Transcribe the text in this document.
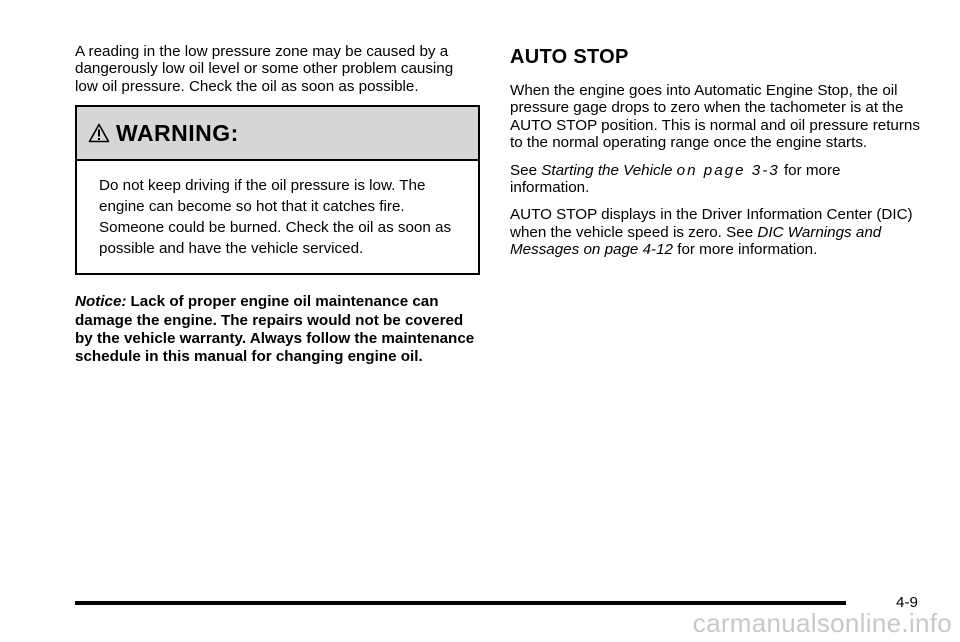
A reading in the low pressure zone may be caused by a dangerously low oil level or some other problem causing low oil pressure. Check the oil as soon as possible.

WARNING:
Do not keep driving if the oil pressure is low. The engine can become so hot that it catches fire. Someone could be burned. Check the oil as soon as possible and have the vehicle serviced.

Notice: Lack of proper engine oil maintenance can damage the engine. The repairs would not be covered by the vehicle warranty. Always follow the maintenance schedule in this manual for changing engine oil.

AUTO STOP

When the engine goes into Automatic Engine Stop, the oil pressure gage drops to zero when the tachometer is at the AUTO STOP position. This is normal and oil pressure returns to the normal operating range once the engine starts.

See Starting the Vehicle on page 3-3 for more information.

AUTO STOP displays in the Driver Information Center (DIC) when the vehicle speed is zero. See DIC Warnings and Messages on page 4-12 for more information.

4-9
carmanualsonline.info
